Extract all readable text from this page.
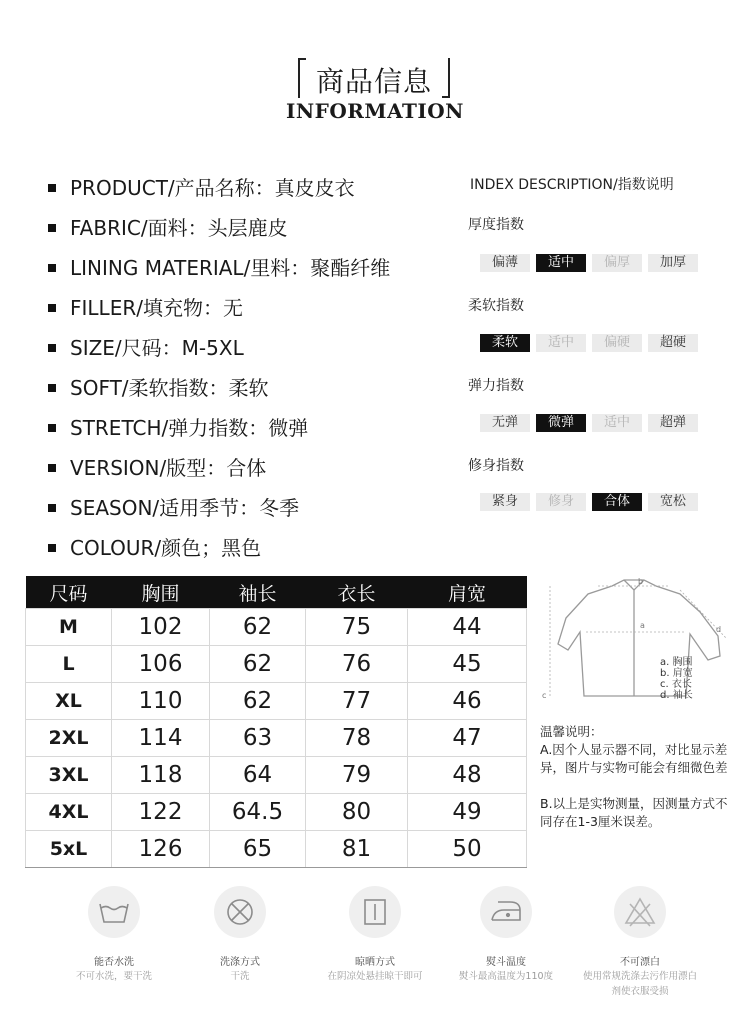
商品信息
INFORMATION
PRODUCT/产品名称：真皮皮衣
FABRIC/面料：头层鹿皮
LINING MATERIAL/里料：聚酯纤维
FILLER/填充物：无
SIZE/尺码：M-5XL
SOFT/柔软指数：柔软
STRETCH/弹力指数：微弹
VERSION/版型：合体
SEASON/适用季节：冬季
COLOUR/颜色；黑色
INDEX DESCRIPTION/指数说明
厚度指数
偏薄	适中	偏厚	加厚
柔软指数
柔软	适中	偏硬	超硬
弹力指数
无弹	微弹	适中	超弹
修身指数
紧身	修身	合体	宽松
尺码	胸围	袖长	衣长	肩宽
M	102	62	75	44
L	106	62	76	45
XL	110	62	77	46
2XL	114	63	78	47
3XL	118	64	79	48
4XL	122	64.5	80	49
5xL	126	65	81	50
a
b
c
d
a. 胸围
b. 肩宽
c. 衣长
d. 袖长
温馨说明：
A.因个人显示器不同，对比显示差异，图片与实物可能会有细微色差
B.以上是实物测量，因测量方式不同存在1-3厘米误差。
能否水洗
不可水洗，要干洗
洗涤方式
干洗
晾晒方式
在阴凉处悬挂晾干即可
熨斗温度
熨斗最高温度为110度
不可漂白
使用常规洗涤去污作用漂白剂使衣服受损
